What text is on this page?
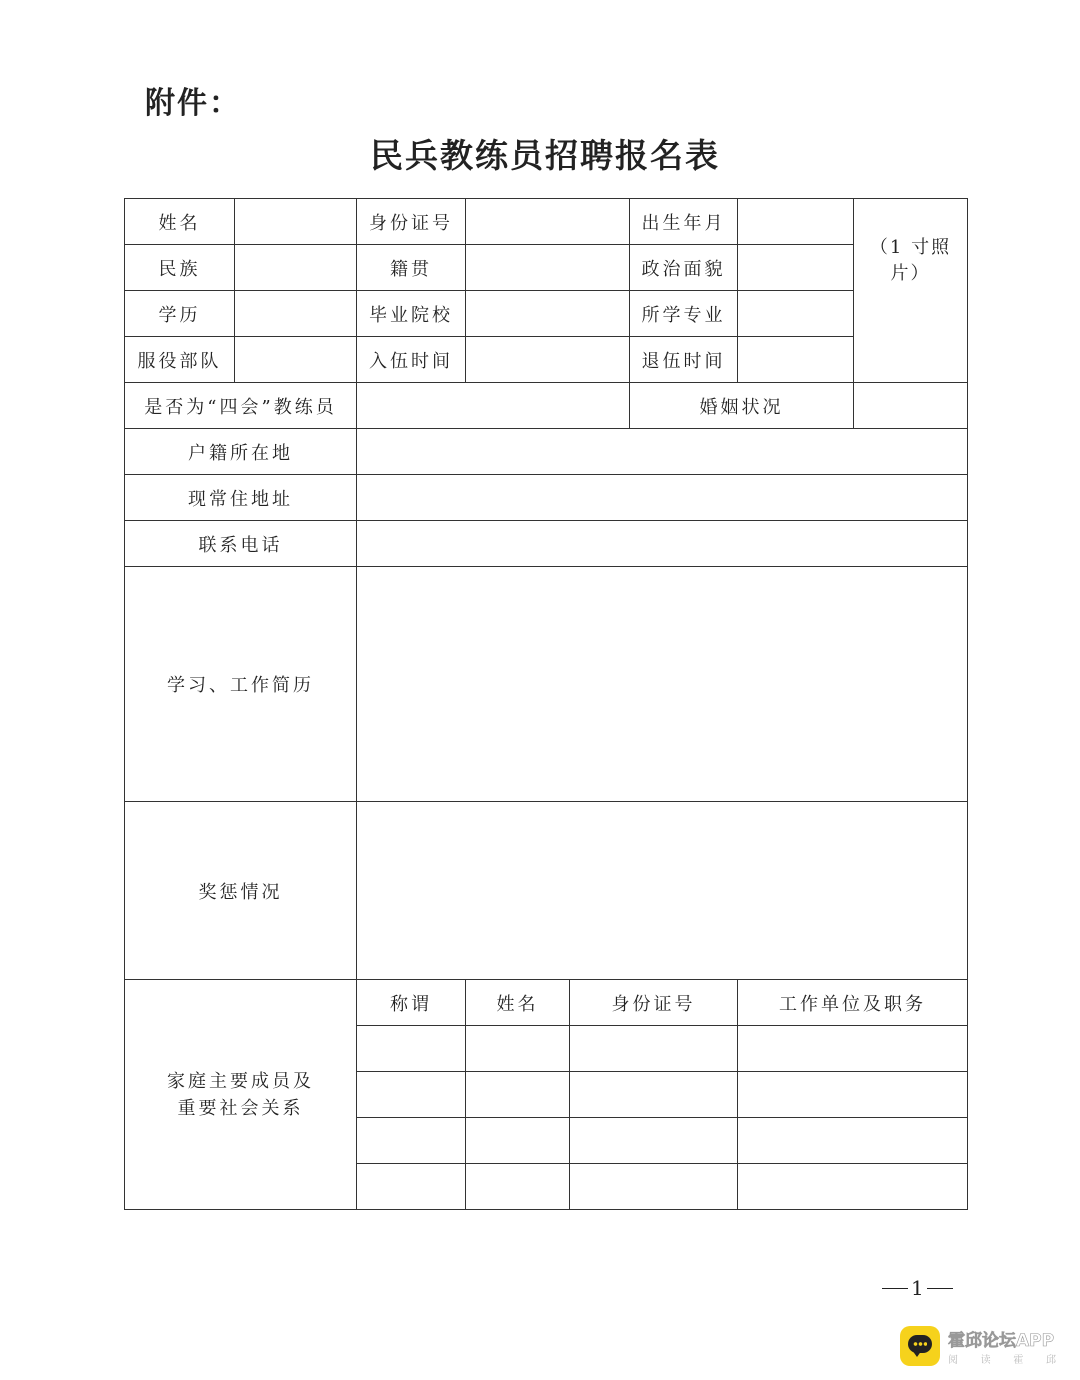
附件：
民兵教练员招聘报名表
姓名		身份证号			出生年月		（1 寸照
片）

民族		籍贯			政治面貌		
学历		毕业院校			所学专业		
服役部队		入伍时间			退伍时间		
是否为“四会”教练员					婚姻状况		
户籍所在地							
现常住地址							
联系电话							
学习、工作简历							
奖惩情况							
家庭主要成员及
重要社会关系		称谓	姓名	身份证号		工作单位及职务	

1
霍邱论坛APP
阅 读 霍 邱
